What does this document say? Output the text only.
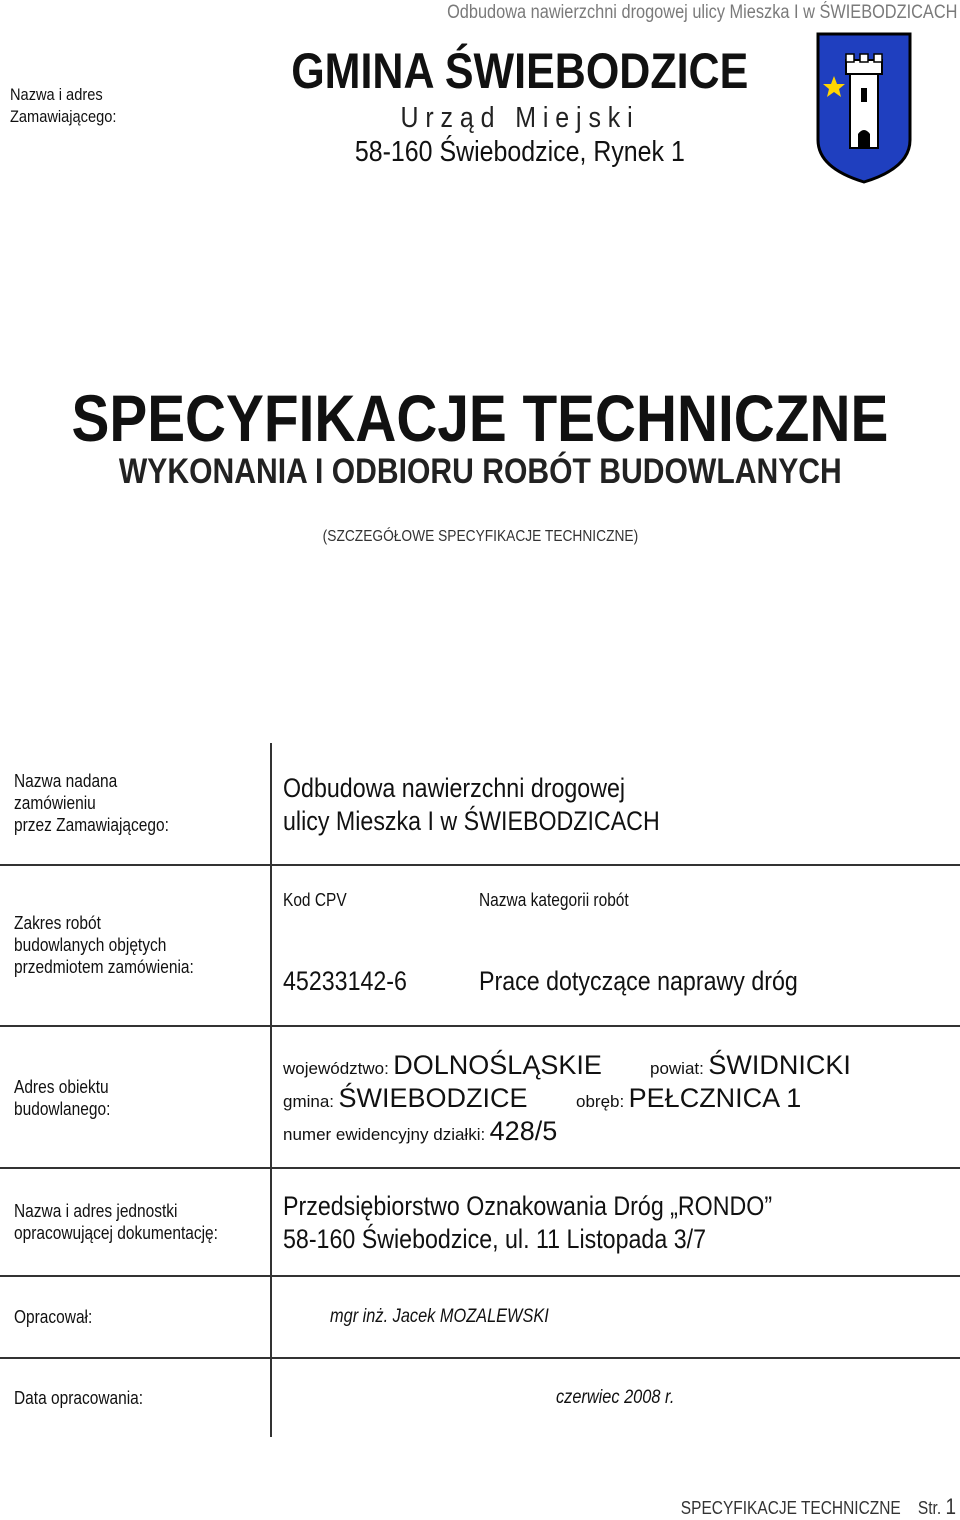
Odbudowa nawierzchni drogowej ulicy Mieszka I w ŚWIEBODZICACH
Nazwa i adres Zamawiającego:
GMINA ŚWIEBODZICE
Urząd Miejski
58-160 Świebodzice, Rynek 1
SPECYFIKACJE TECHNICZNE
WYKONANIA I ODBIORU ROBÓT BUDOWLANYCH
(SZCZEGÓŁOWE SPECYFIKACJE TECHNICZNE)
Nazwa nadana
zamówieniu
przez Zamawiającego:
Odbudowa nawierzchni drogowej
ulicy Mieszka I w ŚWIEBODZICACH
Zakres robót
budowlanych objętych
przedmiotem zamówienia:
Kod CPV	Nazwa kategorii robót
45233142-6	Prace dotyczące naprawy dróg
Adres obiektu
budowlanego:
województwo: DOLNOŚLĄSKIE	powiat: ŚWIDNICKI
gmina: ŚWIEBODZICE	obręb: PEŁCZNICA 1
numer ewidencyjny działki: 428/5
Nazwa i adres jednostki
opracowującej dokumentację:
Przedsiębiorstwo Oznakowania Dróg „RONDO”
58-160 Świebodzice, ul. 11 Listopada 3/7
Opracował:	mgr inż. Jacek MOZALEWSKI
Data opracowania:	czerwiec 2008 r.
SPECYFIKACJE TECHNICZNE Str. 1
